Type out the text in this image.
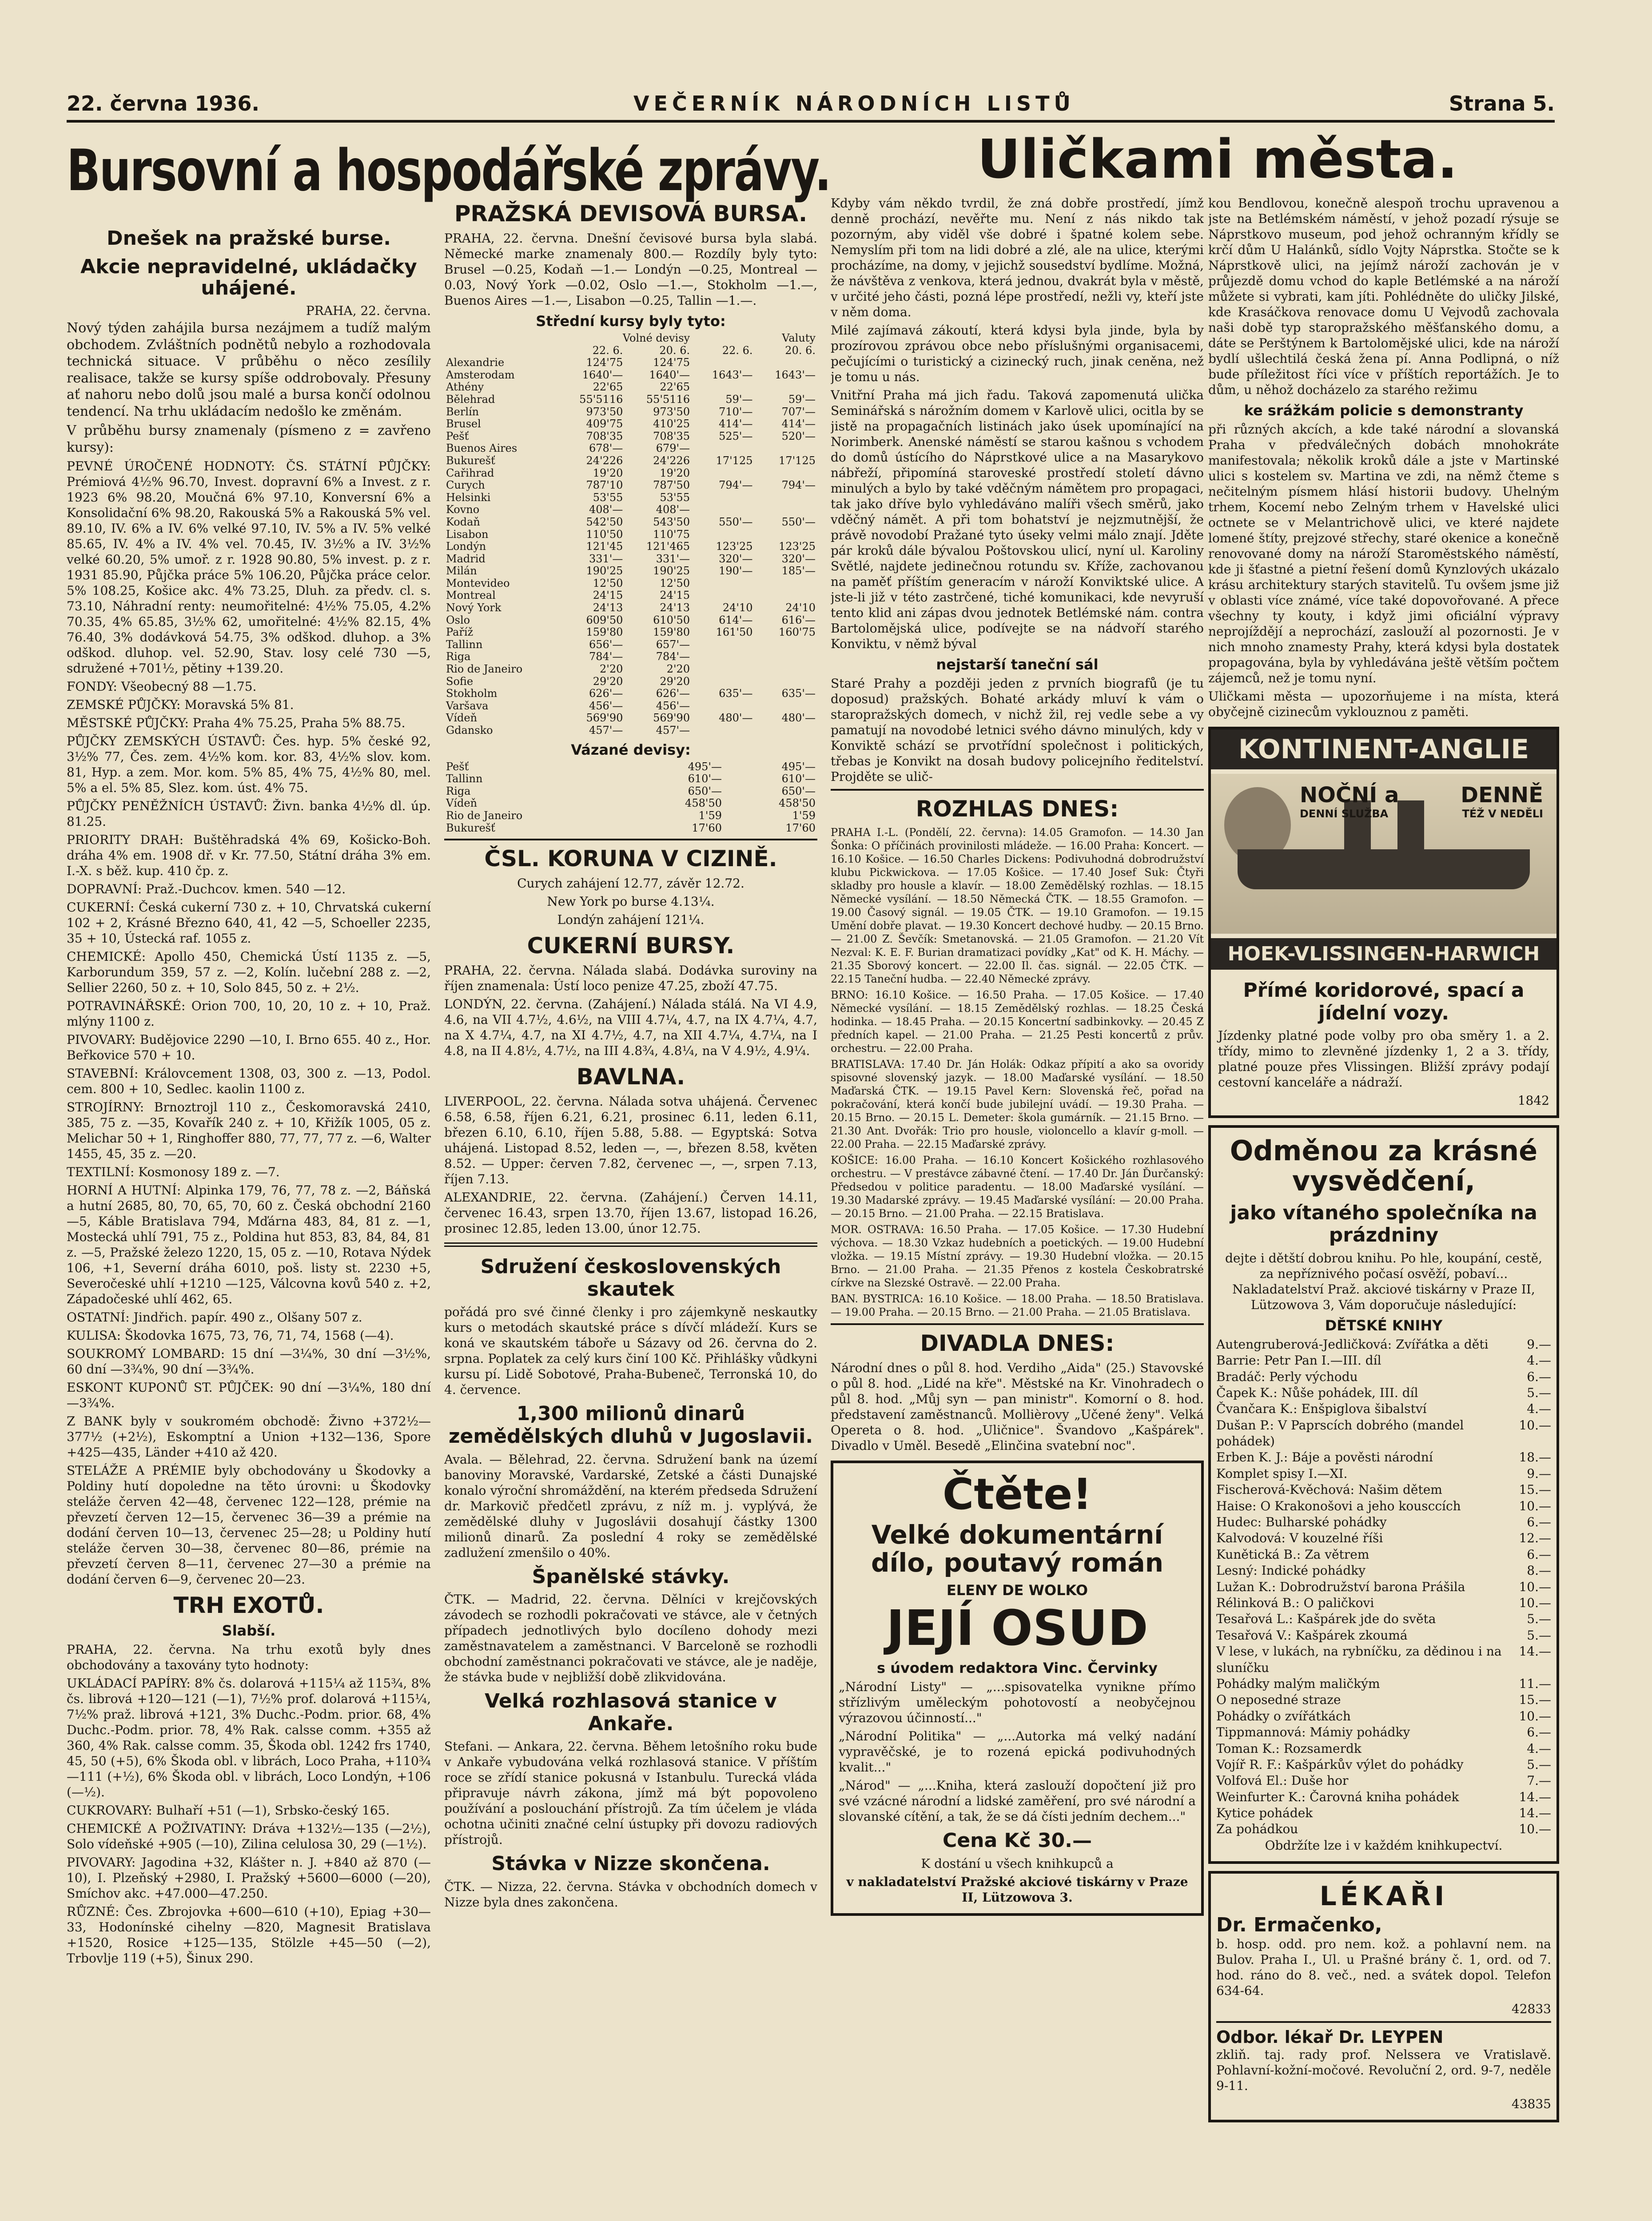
22. června 1936.	VEČERNÍK NÁRODNÍCH LISTŮ	Strana 5.
Bursovní a hospodářské zprávy.	Uličkami města.
Dnešek na pražské burse.
Akcie nepravidelné, ukládačky uhájené.
PRAHA, 22. června.

Nový týden zahájila bursa nezájmem a tudíž malým obchodem. Zvláštních podnětů nebylo a rozhodovala technická situace. V průběhu o něco zesílily realisace, takže se kursy spíše oddrobovaly. Přesuny ať nahoru nebo dolů jsou malé a bursa končí odolnou tendencí. Na trhu ukládacím nedošlo ke změnám.

V průběhu bursy znamenaly (písmeno z = zavřeno kursy):

PEVNÉ ÚROČENÉ HODNOTY: ČS. STÁTNÍ PŮJČKY: Prémiová 4½% 96.70, Invest. dopravní 6% a Invest. z r. 1923 6% 98.20, Moučná 6% 97.10, Konversní 6% a Konsolidační 6% 98.20, Rakouská 5% a Rakouská 5% vel. 89.10, IV. 6% a IV. 6% velké 97.10, IV. 5% a IV. 5% velké 85.65, IV. 4% a IV. 4% vel. 70.45, IV. 3½% a IV. 3½% velké 60.20, 5% umoř. z r. 1928 90.80, 5% invest. p. z r. 1931 85.90, Půjčka práce 5% 106.20, Půjčka práce celor. 5% 108.25, Košice akc. 4% 73.25, Dluh. za předv. cl. s. 73.10, Náhradní renty: neumořitelné: 4½% 75.05, 4.2% 70.35, 4% 65.85, 3½% 62, umořitelné: 4½% 82.15, 4% 76.40, 3% dodávková 54.75, 3% odškod. dluhop. a 3% odškod. dluhop. vel. 52.90, Stav. losy celé 730 —5, sdružené +701½, pětiny +139.20.

FONDY: Všeobecný 88 —1.75.

ZEMSKÉ PŮJČKY: Moravská 5% 81.

MĚSTSKÉ PŮJČKY: Praha 4% 75.25, Praha 5% 88.75.

PŮJČKY ZEMSKÝCH ÚSTAVŮ: Čes. hyp. 5% české 92, 3½% 77, Čes. zem. 4½% kom. kor. 83, 4½% slov. kom. 81, Hyp. a zem. Mor. kom. 5% 85, 4% 75, 4½% 80, mel. 5% a el. 5% 85, Slez. kom. úst. 4% 75.

PŮJČKY PENĚŽNÍCH ÚSTAVŮ: Živn. banka 4½% dl. úp. 81.25.

PRIORITY DRAH: Buštěhradská 4% 69, Košicko-Boh. dráha 4% em. 1908 dř. v Kr. 77.50, Státní dráha 3% em. I.-X. s běž. kup. 410 čp. z.

DOPRAVNÍ: Praž.-Duchcov. kmen. 540 —12.

CUKERNÍ: Česká cukerní 730 z. + 10, Chrvatská cukerní 102 + 2, Krásné Březno 640, 41, 42 —5, Schoeller 2235, 35 + 10, Ústecká raf. 1055 z.

CHEMICKÉ: Apollo 450, Chemická Ústí 1135 z. —5, Karborundum 359, 57 z. —2, Kolín. lučební 288 z. —2, Sellier 2260, 50 z. + 10, Solo 845, 50 z. + 2½.

POTRAVINÁŘSKÉ: Orion 700, 10, 20, 10 z. + 10, Praž. mlýny 1100 z.

PIVOVARY: Budějovice 2290 —10, I. Brno 655. 40 z., Hor. Beřkovice 570 + 10.

STAVEBNÍ: Královcement 1308, 03, 300 z. —13, Podol. cem. 800 + 10, Sedlec. kaolin 1100 z.

STROJÍRNY: Brnoztrojl 110 z., Českomoravská 2410, 385, 75 z. —35, Kovařík 240 z. + 10, Křižík 1005, 05 z. Melichar 50 + 1, Ringhoffer 880, 77, 77, 77 z. —6, Walter 1455, 45, 35 z. —20.

TEXTILNÍ: Kosmonosy 189 z. —7.

HORNÍ A HUTNÍ: Alpinka 179, 76, 77, 78 z. —2, Báňská a hutní 2685, 80, 70, 65, 70, 60 z. Česká obchodní 2160 —5, Káble Bratislava 794, Mďárna 483, 84, 81 z. —1, Mostecká uhlí 791, 75 z., Poldina hut 853, 83, 84, 84, 81 z. —5, Pražské železo 1220, 15, 05 z. —10, Rotava Nýdek 106, +1, Severní dráha 6010, poš. listy st. 2230 +5, Severočeské uhlí +1210 —125, Válcovna kovů 540 z. +2, Západočeské uhlí 462, 65.

OSTATNÍ: Jindřich. papír. 490 z., Olšany 507 z.

KULISA: Škodovka 1675, 73, 76, 71, 74, 1568 (—4).

SOUKROMÝ LOMBARD: 15 dní —3¼%, 30 dní —3½%, 60 dní —3¾%, 90 dní —3¾%.

ESKONT KUPONŮ ST. PŮJČEK: 90 dní —3¼%, 180 dní —3¾%.

Z BANK byly v soukromém obchodě: Živno +372½—377½ (+2½), Eskomptní a Union +132—136, Spore +425—435, Länder +410 až 420.

STELÁŽE A PRÉMIE byly obchodovány u Škodovky a Poldiny hutí dopoledne na těto úrovni: u Škodovky steláže červen 42—48, červenec 122—128, prémie na převzetí červen 12—15, červenec 36—39 a prémie na dodání červen 10—13, červenec 25—28; u Poldiny hutí steláže červen 30—38, červenec 80—86, prémie na převzetí červen 8—11, červenec 27—30 a prémie na dodání červen 6—9, červenec 20—23.

TRH EXOTŮ.
Slabší.

PRAHA, 22. června. Na trhu exotů byly dnes obchodovány a taxovány tyto hodnoty:

UKLÁDACÍ PAPÍRY: 8% čs. dolarová +115¼ až 115¾, 8% čs. librová +120—121 (—1), 7½% prof. dolarová +115¼, 7½% praž. librová +121, 3% Duchc.-Podm. prior. 68, 4% Duchc.-Podm. prior. 78, 4% Rak. calsse comm. +355 až 360, 4% Rak. calsse comm. 35, Škoda obl. 1242 frs 1740, 45, 50 (+5), 6% Škoda obl. v librách, Loco Praha, +110¾—111 (+½), 6% Škoda obl. v librách, Loco Londýn, +106 (—½).

CUKROVARY: Bulhaří +51 (—1), Srbsko-český 165.

CHEMICKÉ A POŽIVATINY: Dráva +132½—135 (—2½), Solo vídeňské +905 (—10), Zilina celulosa 30, 29 (—1½).

PIVOVARY: Jagodina +32, Klášter n. J. +840 až 870 (—10), I. Plzeňský +2980, I. Pražský +5600—6000 (—20), Smíchov akc. +47.000—47.250.

RŮZNÉ: Čes. Zbrojovka +600—610 (+10), Epiag +30—33, Hodonínské cihelny —820, Magnesit Bratislava +1520, Rosice +125—135, Stölzle +45—50 (—2), Trbovlje 119 (+5), Šinux 290.

PRAŽSKÁ DEVISOVÁ BURSA.

PRAHA, 22. června. Dnešní čevisové bursa byla slabá. Německé marke znamenaly 800.— Rozdíly byly tyto: Brusel —0.25, Kodaň —1.— Londýn —0.25, Montreal —0.03, Nový York —0.02, Oslo —1.—, Stokholm —1.—, Buenos Aires —1.—, Lisabon —0.25, Tallin —1.—.

Střední kursy byly tyto:
	Volné devisy		Valuty	
	22. 6.	20. 6.	22. 6.	20. 6.
Alexandrie	124'75	124'75		
Amsterodam	1640'—	1640'—	1643'—	1643'—
Athény	22'65	22'65		
Bělehrad	55'5116	55'5116	59'—	59'—
Berlín	973'50	973'50	710'—	707'—
Brusel	409'75	410'25	414'—	414'—
Pešť	708'35	708'35	525'—	520'—
Buenos Aires	678'—	679'—		
Bukurešť	24'226	24'226	17'125	17'125
Cařihrad	19'20	19'20		
Curych	787'10	787'50	794'—	794'—
Helsinki	53'55	53'55		
Kovno	408'—	408'—		
Kodaň	542'50	543'50	550'—	550'—
Lisabon	110'50	110'75		
Londýn	121'45	121'465	123'25	123'25
Madrid	331'—	331'—	320'—	320'—
Milán	190'25	190'25	190'—	185'—
Montevideo	12'50	12'50		
Montreal	24'15	24'15		
Nový York	24'13	24'13	24'10	24'10
Oslo	609'50	610'50	614'—	616'—
Paříž	159'80	159'80	161'50	160'75
Tallinn	656'—	657'—		
Riga	784'—	784'—		
Rio de Janeiro	2'20	2'20		
Sofie	29'20	29'20		
Stokholm	626'—	626'—	635'—	635'—
Varšava	456'—	456'—		
Vídeň	569'90	569'90	480'—	480'—
Gdansko	457'—	457'—		
Vázané devisy:
Pešť	495'—	495'—
Tallinn	610'—	610'—
Riga	650'—	650'—
Vídeň	458'50	458'50
Rio de Janeiro	1'59	1'59
Bukurešť	17'60	17'60
ČSL. KORUNA V CIZINĚ.

Curych zahájení 12.77, závěr 12.72.

New York po burse 4.13¼.

Londýn zahájení 121¼.

CUKERNÍ BURSY.

PRAHA, 22. června. Nálada slabá. Dodávka suroviny na říjen znamenala: Ústí loco penize 47.25, zboží 47.75.

LONDÝN, 22. června. (Zahájení.) Nálada stálá. Na VI 4.9, 4.6, na VII 4.7½, 4.6½, na VIII 4.7¼, 4.7, na IX 4.7¼, 4.7, na X 4.7¼, 4.7, na XI 4.7½, 4.7, na XII 4.7¼, 4.7¼, na I 4.8, na II 4.8½, 4.7½, na III 4.8¾, 4.8¼, na V 4.9½, 4.9¼.

BAVLNA.

LIVERPOOL, 22. června. Nálada sotva uhájená. Červenec 6.58, 6.58, říjen 6.21, 6.21, prosinec 6.11, leden 6.11, březen 6.10, 6.10, říjen 5.88, 5.88. — Egyptská: Sotva uhájená. Listopad 8.52, leden —, —, březen 8.58, květen 8.52. — Upper: červen 7.82, červenec —, —, srpen 7.13, říjen 7.13.

ALEXANDRIE, 22. června. (Zahájení.) Červen 14.11, červenec 16.43, srpen 13.70, říjen 13.67, listopad 16.26, prosinec 12.85, leden 13.00, únor 12.75.

Sdružení československých skautek

pořádá pro své činné členky i pro zájemkyně neskautky kurs o metodách skautské práce s dívčí mládeží. Kurs se koná ve skautském táboře u Sázavy od 26. června do 2. srpna. Poplatek za celý kurs činí 100 Kč. Přihlášky vůdkyni kursu pí. Lidě Sobotové, Praha-Bubeneč, Terronská 10, do 4. července.

1,300 milionů dinarů zemědělských dluhů v Jugoslavii.

Avala. — Bělehrad, 22. června. Sdružení bank na území banoviny Moravské, Vardarské, Zetské a části Dunajské konalo výroční shromáždění, na kterém předseda Sdružení dr. Markovič předčetl zprávu, z níž m. j. vyplývá, že zemědělské dluhy v Jugoslávii dosahují částky 1300 milionů dinarů. Za poslední 4 roky se zemědělské zadlužení zmenšilo o 40%.

Španělské stávky.

ČTK. — Madrid, 22. června. Dělníci v krejčovských závodech se rozhodli pokračovati ve stávce, ale v četných případech jednotlivých bylo docíleno dohody mezi zaměstnavatelem a zaměstnanci. V Barceloně se rozhodli obchodní zaměstnanci pokračovati ve stávce, ale je naděje, že stávka bude v nejbližší době zlikvidována.

Velká rozhlasová stanice v Ankaře.

Stefani. — Ankara, 22. června. Během letošního roku bude v Ankaře vybudována velká rozhlasová stanice. V příštím roce se zřídí stanice pokusná v Istanbulu. Turecká vláda připravuje návrh zákona, jímž má být popovoleno používání a poslouchání přístrojů. Za tím účelem je vláda ochotna učiniti značné celní ústupky při dovozu radiových přístrojů.

Stávka v Nizze skončena.

ČTK. — Nizza, 22. června. Stávka v obchodních domech v Nizze byla dnes zakončena.

Kdyby vám někdo tvrdil, že zná dobře prostředí, jímž denně prochází, nevěřte mu. Není z nás nikdo tak pozorným, aby viděl vše dobré i špatné kolem sebe. Nemyslím při tom na lidi dobré a zlé, ale na ulice, kterými procházíme, na domy, v jejichž sousedství bydlíme. Možná, že návštěva z venkova, která jednou, dvakrát byla v městě, v určité jeho části, pozná lépe prostředí, nežli vy, kteří jste v něm doma.

Milé zajímavá zákoutí, která kdysi byla jinde, byla by prozírovou zprávou obce nebo příslušnými organisacemi, pečujícími o turistický a cizinecký ruch, jinak ceněna, než je tomu u nás.

Vnitřní Praha má jich řadu. Taková zapomenutá ulička Seminářská s nárožním domem v Karlově ulici, ocitla by se jistě na propagačních listinách jako úsek upomínající na Norimberk. Anenské náměstí se starou kašnou s vchodem do domů ústícího do Náprstkové ulice a na Masarykovo nábřeží, připomíná staroveské prostředí století dávno minulých a bylo by také vděčným námětem pro propagaci, tak jako dříve bylo vyhledáváno malíři všech směrů, jako vděčný námět. A při tom bohatství je nejzmutnější, že právě novodobí Pražané tyto úseky velmi málo znají. Jděte pár kroků dále bývalou Poštovskou ulicí, nyní ul. Karoliny Světlé, najdete jedinečnou rotundu sv. Kříže, zachovanou na paměť příštím generacím v nároží Konviktské ulice. A jste-li již v této zastrčené, tiché komunikaci, kde nevyruší tento klid ani zápas dvou jednotek Betlémské nám. contra Bartolomějská ulice, podívejte se na nádvoří starého Konviktu, v němž býval

nejstarší taneční sál

Staré Prahy a později jeden z prvních biografů (je tu doposud) pražských. Bohaté arkády mluví k vám o staropražských domech, v nichž žil, rej vedle sebe a vy pamatují na novodobé letnici svého dávno minulých, kdy v Konviktě schází se prvotřídní společnost i politických, třebas je Konvikt na dosah budovy policejního ředitelství. Projděte se ulič-

ROZHLAS DNES:

PRAHA I.-L. (Pondělí, 22. června): 14.05 Gramofon. — 14.30 Jan Šonka: O příčinách provinilosti mládeže. — 16.00 Praha: Koncert. — 16.10 Košice. — 16.50 Charles Dickens: Podivuhodná dobrodružství klubu Pickwickova. — 17.05 Košice. — 17.40 Josef Suk: Čtyři skladby pro housle a klavír. — 18.00 Zemědělský rozhlas. — 18.15 Německé vysílání. — 18.50 Německá ČTK. — 18.55 Gramofon. — 19.00 Časový signál. — 19.05 ČTK. — 19.10 Gramofon. — 19.15 Umění dobře plavat. — 19.30 Koncert dechové hudby. — 20.15 Brno. — 21.00 Z. Ševčík: Smetanovská. — 21.05 Gramofon. — 21.20 Vít Nezval: K. E. F. Burian dramatizaci povídky „Kat" od K. H. Máchy. — 21.35 Sborový koncert. — 22.00 Il. čas. signál. — 22.05 ČTK. — 22.15 Taneční hudba. — 22.40 Německé zprávy.

BRNO: 16.10 Košice. — 16.50 Praha. — 17.05 Košice. — 17.40 Německé vysílání. — 18.15 Zemědělský rozhlas. — 18.25 Česká hodinka. — 18.45 Praha. — 20.15 Koncertní sadbinkovky. — 20.45 Z předních kapel. — 21.00 Praha. — 21.25 Pesti koncertů z prův. orchestru. — 22.00 Praha.

BRATISLAVA: 17.40 Dr. Ján Holák: Odkaz přípití a ako sa ovoridy spisovné slovenský jazyk. — 18.00 Maďarské vysílání. — 18.50 Maďarská ČTK. — 19.15 Pavel Kern: Slovenská řeč, pořad na pokračování, která končí bude jubilejní uvádí. — 19.30 Praha. — 20.15 Brno. — 20.15 L. Demeter: škola gumárník. — 21.15 Brno. — 21.30 Ant. Dvořák: Trio pro housle, violoncello a klavír g-moll. — 22.00 Praha. — 22.15 Maďarské zprávy.

KOŠICE: 16.00 Praha. — 16.10 Koncert Košického rozhlasového orchestru. — V prestávce zábavné čtení. — 17.40 Dr. Ján Ďurčanský: Předsedou v politice paradentu. — 18.00 Maďarské vysílání. — 19.30 Madarské zprávy. — 19.45 Maďarské vysílání: — 20.00 Praha. — 20.15 Brno. — 21.00 Praha. — 22.15 Bratislava.

MOR. OSTRAVA: 16.50 Praha. — 17.05 Košice. — 17.30 Hudební výchova. — 18.30 Vzkaz hudebních a poetických. — 19.00 Hudební vložka. — 19.15 Místní zprávy. — 19.30 Hudební vložka. — 20.15 Brno. — 21.00 Praha. — 21.35 Přenos z kostela Českobratrské církve na Slezské Ostravě. — 22.00 Praha.

BAN. BYSTRICA: 16.10 Košice. — 18.00 Praha. — 18.50 Bratislava. — 19.00 Praha. — 20.15 Brno. — 21.00 Praha. — 21.05 Bratislava.

DIVADLA DNES:

Národní dnes o půl 8. hod. Verdiho „Aida" (25.) Stavovské o půl 8. hod. „Lidé na kře". Městské na Kr. Vinohradech o půl 8. hod. „Můj syn — pan ministr". Komorní o 8. hod. představení zaměstnanců. Mollièrovy „Učené ženy". Velká Opereta o 8. hod. „Uličnice". Švandovo „Kašpárek". Divadlo v Uměl. Besedě „Elinčina svatební noc".

Čtěte!
Velké dokumentární dílo, poutavý román
ELENY DE WOLKO
JEJÍ OSUD
s úvodem redaktora Vinc. Červinky

„Národní Listy" — „...spisovatelka vynikne přímo střízlivým uměleckým pohotovostí a neobyčejnou výrazovou účinností..."

„Národní Politika" — „...Autorka má velký nadání vypravěčské, je to rozená epická podivuhodných kvalit..."

„Národ" — „...Kniha, která zaslouží dopočtení již pro své vzácné národní a lidské zaměření, pro své národní a slovanské cítění, a tak, že se dá čísti jedním dechem..."

Cena Kč 30.—

K dostání u všech knihkupců a

v nakladatelství Pražské akciové tiskárny v Praze II, Lützowova 3.

kou Bendlovou, konečně alespoň trochu upravenou a jste na Betlémském náměstí, v jehož pozadí rýsuje se Náprstkovo museum, pod jehož ochranným křídly se krčí dům U Halánků, sídlo Vojty Náprstka. Stočte se k Náprstkově ulici, na jejímž nároží zachován je v průjezdě domu vchod do kaple Betlémské a na nároží můžete si vybrati, kam jíti. Pohlédněte do uličky Jilské, kde Krasáčkova renovace domu U Vejvodů zachovala naši době typ staropražského měšťanského domu, a dáte se Perštýnem k Bartolomějské ulici, kde na nároží bydlí ušlechtilá česká žena pí. Anna Podlipná, o níž bude příležitost říci více v příštích reportážích. Je to dům, u něhož docházelo za starého režimu

ke srážkám policie s demonstranty

při různých akcích, a kde také národní a slovanská Praha v předválečných dobách mnohokráte manifestovala; několik kroků dále a jste v Martinské ulici s kostelem sv. Martina ve zdi, na němž čteme s nečitelným písmem hlásí historii budovy. Uhelným trhem, Kocemí nebo Zelným trhem v Havelské ulici octnete se v Melantrichově ulici, ve které najdete lomené štíty, prejzové střechy, staré okenice a konečně renovované domy na nároží Staroměstského náměstí, kde ji šťastné a pietní řešení domů Kynzlových ukázalo krásu architektury starých stavitelů. Tu ovšem jsme již v oblasti více známé, více také dopovořované. A přece všechny ty kouty, i když jimi oficiální výpravy neprojíždějí a neprochází, zaslouží al pozornosti. Je v nich mnoho znamesty Prahy, která kdysi byla dostatek propagována, byla by vyhledávána ještě větším počtem zájemců, než je tomu nyní.

Uličkami města — upozorňujeme i na místa, která obyčejně cizinecům vyklouznou z paměti.

KONTINENT-ANGLIE
NOČNÍ a
DENNÍ SLUŽBA
DENNĚ
TÉŽ V NEDĚLI
HOEK-VLISSINGEN-HARWICH
Přímé koridorové, spací a jídelní vozy.

Jízdenky platné pode volby pro oba směry 1. a 2. třídy, mimo to zlevněné jízdenky 1, 2 a 3. třídy, platné pouze přes Vlissingen. Bližší zprávy podají cestovní kanceláře a nádraží.

1842

Odměnou za krásné vysvědčení,
jako vítaného společníka na prázdniny

dejte i dětští dobrou knihu. Po hle, koupání, cestě, za nepříznivého počasí osvěží, pobaví... Nakladatelství Praž. akciové tiskárny v Praze II, Lützowova 3, Vám doporučuje následující:

DĚTSKÉ KNIHY
Autengruberová-Jedličková: Zvířátka a děti	9.—
Barrie: Petr Pan I.—III. díl	4.—
Bradáč: Perly východu	6.—
Čapek K.: Nůše pohádek, III. díl	5.—
Čvančara K.: Enšpiglova šibalství	4.—
Dušan P.: V Paprscích dobrého (mandel pohádek)
10.—
Erben K. J.: Báje a pověsti národní	18.—
Komplet spisy I.—XI.	9.—
Fischerová-Kvěchová: Našim dětem	15.—
Haise: O Krakonošovi a jeho kousccích	10.—
Hudec: Bulharské pohádky	6.—
Kalvodová: V kouzelné říši	12.—
Kunětická B.: Za větrem	6.—
Lesný: Indické pohádky	8.—
Lužan K.: Dobrodružství barona Prášila	10.—
Rélinková B.: O paličkovi	10.—
Tesařová L.: Kašpárek jde do světa	5.—
Tesařová V.: Kašpárek zkoumá	5.—
V lese, v lukách, na rybníčku, za dědinou i na sluníčku
14.—
Pohádky malým maličkým	11.—
O neposedné straze	15.—
Pohádky o zvířátkách	10.—
Tippmannová: Mámiy pohádky	6.—
Toman K.: Rozsamerdk	4.—
Vojíř R. F.: Kašpárkův výlet do pohádky	5.—
Volfová El.: Duše hor	7.—
Weinfurter K.: Čarovná kniha pohádek	14.—
Kytice pohádek	14.—
Za pohádkou	10.—

Obdržíte lze i v každém knihkupectví.

LÉKAŘI
Dr. Ermačenko,

b. hosp. odd. pro nem. kož. a pohlavní nem. na Bulov. Praha I., Ul. u Prašné brány č. 1, ord. od 7. hod. ráno do 8. več., ned. a svátek dopol. Telefon 634-64.

42833

Odbor. lékař Dr. LEYPEN

zkliň. taj. rady prof. Nelssera ve Vratislavě. Pohlavní-kožní-močové. Revoluční 2, ord. 9-7, neděle 9-11.

43835
